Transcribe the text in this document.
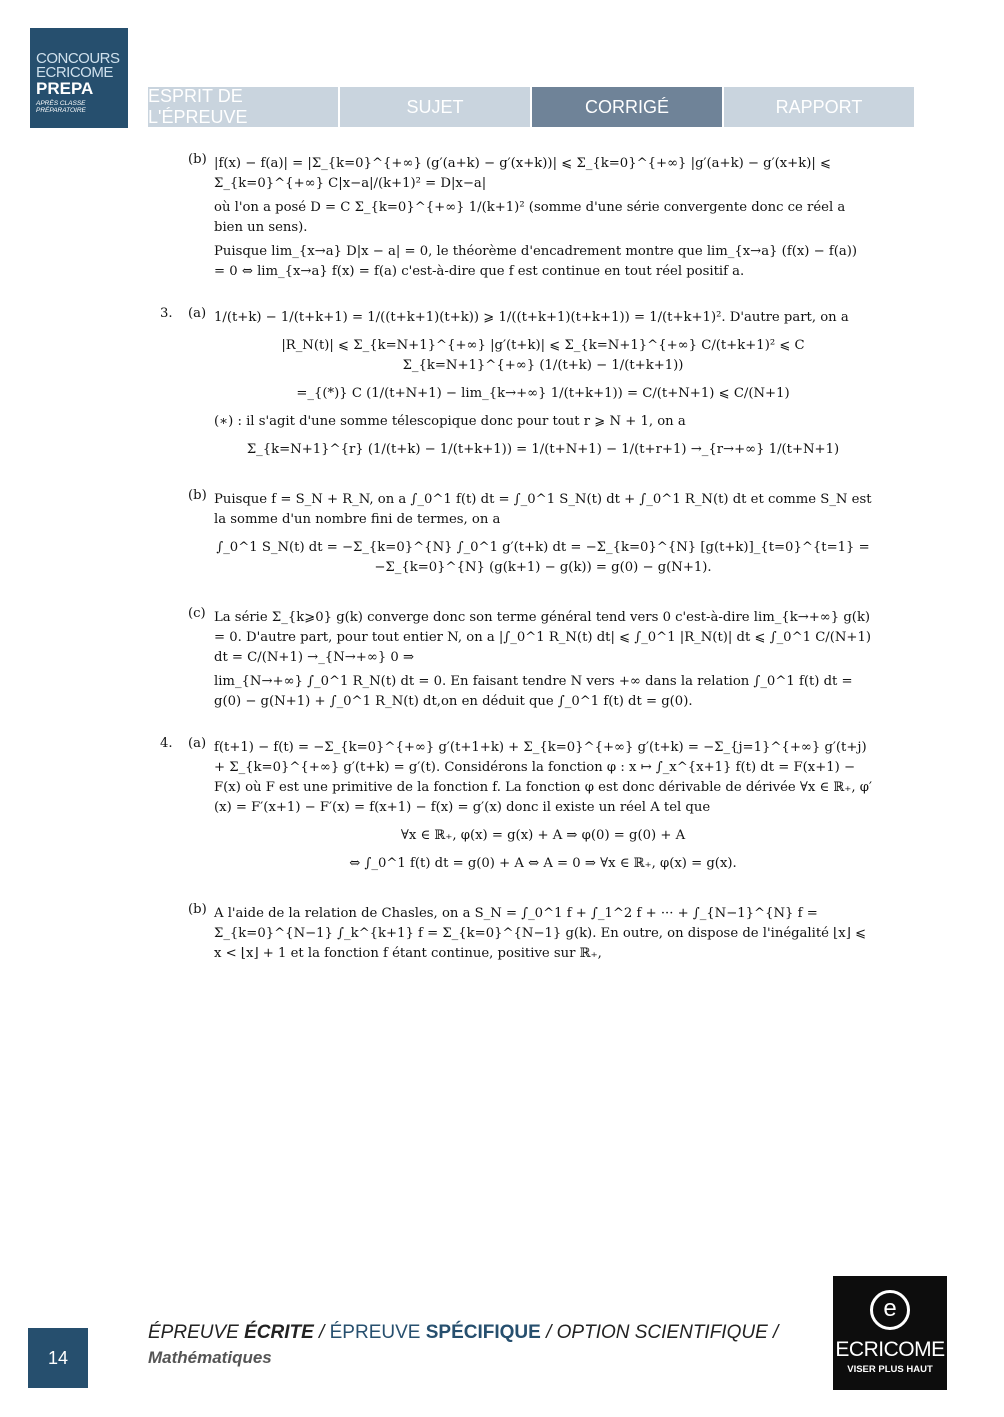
CONCOURS
ECRICOME
PREPA
APRÈS CLASSE PRÉPARATOIRE
ESPRIT DE L'ÉPREUVE
SUJET	CORRIGÉ	RAPPORT
(b) |f(x) − f(a)| = |Σ_{k=0}^{+∞} (g′(a+k) − g′(x+k))| ⩽ Σ_{k=0}^{+∞} |g′(a+k) − g′(x+k)| ⩽ Σ_{k=0}^{+∞} C|x−a|/(k+1)² = D|x−a|
où l'on a posé D = C Σ_{k=0}^{+∞} 1/(k+1)² (somme d'une série convergente donc ce réel a bien un sens).
Puisque lim_{x→a} D|x − a| = 0, le théorème d'encadrement montre que lim_{x→a} (f(x) − f(a)) = 0 ⇔ lim_{x→a} f(x) = f(a) c'est-à-dire que f est continue en tout réel positif a.
3.	(a) 1/(t+k) − 1/(t+k+1) = 1/((t+k+1)(t+k)) ⩾ 1/((t+k+1)(t+k+1)) = 1/(t+k+1)². D'autre part, on a
|R_N(t)| ⩽ Σ_{k=N+1}^{+∞} |g′(t+k)| ⩽ Σ_{k=N+1}^{+∞} C/(t+k+1)² ⩽ C Σ_{k=N+1}^{+∞} (1/(t+k) − 1/(t+k+1))
=_{(*)} C (1/(t+N+1) − lim_{k→+∞} 1/(t+k+1)) = C/(t+N+1) ⩽ C/(N+1)
(∗) : il s'agit d'une somme télescopique donc pour tout r ⩾ N + 1, on a
Σ_{k=N+1}^{r} (1/(t+k) − 1/(t+k+1)) = 1/(t+N+1) − 1/(t+r+1) →_{r→+∞} 1/(t+N+1)
(b) Puisque f = S_N + R_N, on a ∫_0^1 f(t) dt = ∫_0^1 S_N(t) dt + ∫_0^1 R_N(t) dt et comme S_N est la somme d'un nombre fini de termes, on a
∫_0^1 S_N(t) dt = −Σ_{k=0}^{N} ∫_0^1 g′(t+k) dt = −Σ_{k=0}^{N} [g(t+k)]_{t=0}^{t=1} = −Σ_{k=0}^{N} (g(k+1) − g(k)) = g(0) − g(N+1).
(c) La série Σ_{k⩾0} g(k) converge donc son terme général tend vers 0 c'est-à-dire lim_{k→+∞} g(k) = 0. D'autre part, pour tout entier N, on a |∫_0^1 R_N(t) dt| ⩽ ∫_0^1 |R_N(t)| dt ⩽ ∫_0^1 C/(N+1) dt = C/(N+1) →_{N→+∞} 0 ⇒
lim_{N→+∞} ∫_0^1 R_N(t) dt = 0. En faisant tendre N vers +∞ dans la relation ∫_0^1 f(t) dt = g(0) − g(N+1) + ∫_0^1 R_N(t) dt,on en déduit que ∫_0^1 f(t) dt = g(0).
4.	(a) f(t+1) − f(t) = −Σ_{k=0}^{+∞} g′(t+1+k) + Σ_{k=0}^{+∞} g′(t+k) = −Σ_{j=1}^{+∞} g′(t+j) + Σ_{k=0}^{+∞} g′(t+k) = g′(t). Considérons la fonction φ : x ↦ ∫_x^{x+1} f(t) dt = F(x+1) − F(x) où F est une primitive de la fonction f. La fonction φ est donc dérivable de dérivée ∀x ∈ ℝ₊, φ′(x) = F′(x+1) − F′(x) = f(x+1) − f(x) = g′(x) donc il existe un réel A tel que
∀x ∈ ℝ₊, φ(x) = g(x) + A ⇒ φ(0) = g(0) + A
⇔ ∫_0^1 f(t) dt = g(0) + A ⇔ A = 0 ⇒ ∀x ∈ ℝ₊, φ(x) = g(x).
(b) A l'aide de la relation de Chasles, on a S_N = ∫_0^1 f + ∫_1^2 f + ··· + ∫_{N−1}^{N} f = Σ_{k=0}^{N−1} ∫_k^{k+1} f = Σ_{k=0}^{N−1} g(k). En outre, on dispose de l'inégalité ⌊x⌋ ⩽ x < ⌊x⌋ + 1 et la fonction f étant continue, positive sur ℝ₊,
14
ÉPREUVE ÉCRITE / ÉPREUVE SPÉCIFIQUE / OPTION SCIENTIFIQUE /
Mathématiques
e
ECRICOME
VISER PLUS HAUT
